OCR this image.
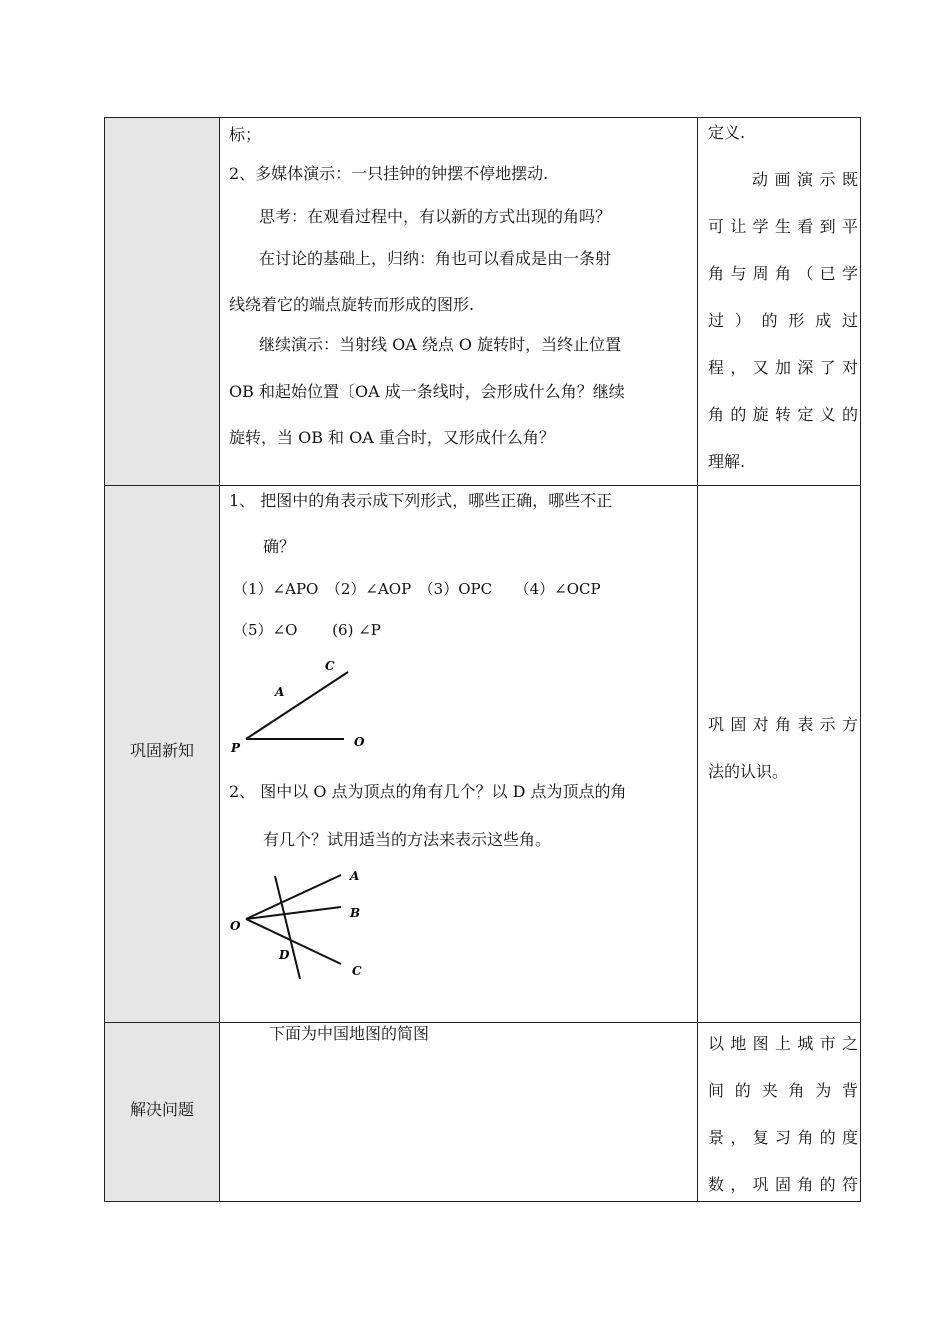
标；
2、多媒体演示：一只挂钟的钟摆不停地摆动.
思考：在观看过程中，有以新的方式出现的角吗？
在讨论的基础上，归纳：角也可以看成是由一条射
线绕着它的端点旋转而形成的图形.
继续演示：当射线 OA 绕点 O 旋转时，当终止位置
OB 和起始位置〔OA 成一条线时，会形成什么角？继续
旋转，当 OB 和 OA 重合时，又形成什么角？
定义.
动画演示既
可让学生看到平
角与周角（已学
过）的形成过
程，又加深了对
角的旋转定义的
理解.
巩固新知
1、 把图中的角表示成下列形式，哪些正确，哪些不正
确？
（1）∠APO　（2）∠AOP　（3）OPC　　（4）∠OCP
（5）∠O　　 (6) ∠P
C
A
P	O
2、 图中以 O 点为顶点的角有几个？以 D 点为顶点的角
有几个？试用适当的方法来表示这些角。
A
B
O
D
C
巩固对角表示方
法的认识。
解决问题
下面为中国地图的简图
以地图上城市之
间的夹角为背
景，复习角的度
数，巩固角的符
